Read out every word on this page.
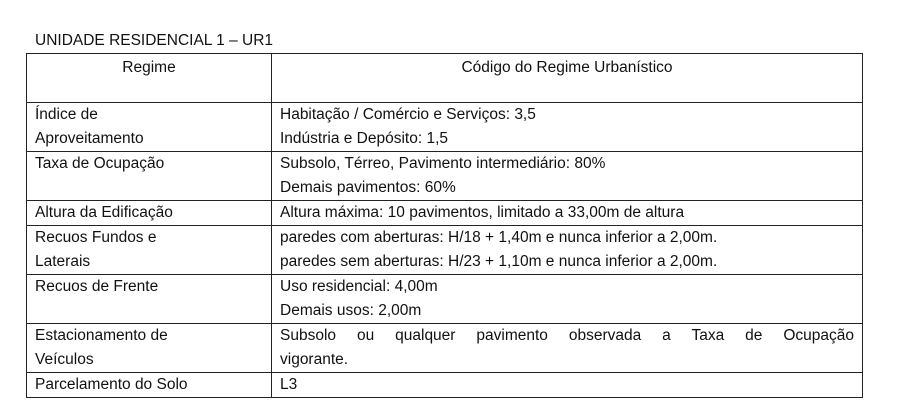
UNIDADE RESIDENCIAL 1 – UR1
Regime	Código do Regime Urbanístico

Índice de
Aproveitamento	Habitação / Comércio e Serviços: 3,5
Indústria e Depósito: 1,5

Taxa de Ocupação	Subsolo, Térreo, Pavimento intermediário: 80%
Demais pavimentos: 60%

Altura da Edificação	Altura máxima: 10 pavimentos, limitado a 33,00m de altura

Recuos Fundos e
Laterais	paredes com aberturas: H/18 + 1,40m e nunca inferior a 2,00m.
paredes sem aberturas: H/23 + 1,10m e nunca inferior a 2,00m.

Recuos de Frente	Uso residencial: 4,00m
Demais usos: 2,00m

Estacionamento de
Veículos	Subsolo ou qualquer pavimento observada a Taxa de Ocupação
vigorante.

Parcelamento do Solo	L3
